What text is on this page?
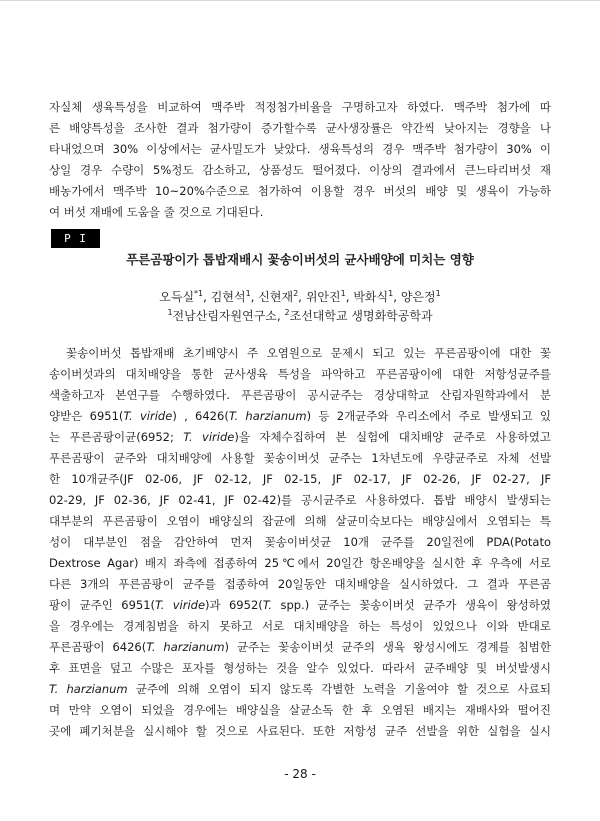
자실체 생육특성을 비교하여 맥주박 적정첨가비율을 구명하고자 하였다. 맥주박 첨가에 따
른 배양특성을 조사한 결과 첨가량이 증가할수록 균사생장률은 약간씩 낮아지는 경향을 나
타내었으며 30% 이상에서는 균사밀도가 낮았다. 생육특성의 경우 맥주박 첨가량이 30% 이
상일 경우 수량이 5%정도 감소하고, 상품성도 떨어졌다. 이상의 결과에서 큰느타리버섯 재
배농가에서 맥주박 10~20%수준으로 첨가하여 이용할 경우 버섯의 배양 및 생육이 가능하
여 버섯 재배에 도움을 줄 것으로 기대된다.
P I -05	푸른곰팡이가 톱밥재배시 꽃송이버섯의 균사배양에 미치는 영향
오득실$^{*1}$, 김현석$^1$, 신현재$^2$, 위안진$^1$, 박화식$^1$, 양은정$^1$
$^1$전남산림자원연구소, $^2$조선대학교 생명화학공학과
꽃송이버섯 톱밥재배 초기배양시 주 오염원으로 문제시 되고 있는 푸른곰팡이에 대한 꽃
송이버섯과의 대치배양을 통한 균사생육 특성을 파악하고 푸른곰팡이에 대한 저항성균주를
색출하고자 본연구를 수행하였다. 푸른곰팡이 공시균주는 경상대학교 산림자원학과에서 분
양받은 6951(T. viride) , 6426(T. harzianum) 등 2개균주와 우리소에서 주로 발생되고 있
는 푸른곰팡이균(6952; T. viride)을 자체수집하여 본 실험에 대치배양 균주로 사용하였고
푸른곰팡이 균주와 대치배양에 사용할 꽃송이버섯 균주는 1차년도에 우량균주로 자체 선발
한 10개균주(JF 02-06, JF 02-12, JF 02-15, JF 02-17, JF 02-26, JF 02-27, JF
02-29, JF 02-36, JF 02-41, JF 02-42)를 공시균주로 사용하였다. 톱밥 배양시 발생되는
대부분의 푸른곰팡이 오염이 배양실의 잡균에 의해 살균미숙보다는 배양실에서 오염되는 특
성이 대부분인 점을 감안하여 먼저 꽃송이버섯균 10개 균주를 20일전에 PDA(Potato
Dextrose Agar) 배지 좌측에 접종하여 25℃에서 20일간 항온배양을 실시한 후 우측에 서로
다른 3개의 푸른곰팡이 균주를 접종하여 20일동안 대치배양을 실시하였다. 그 결과 푸른곰
팡이 균주인 6951(T. viride)과 6952(T. spp.) 균주는 꽃송이버섯 균주가 생육이 왕성하였
을 경우에는 경계침범을 하지 못하고 서로 대치배양을 하는 특성이 있었으나 이와 반대로
푸른곰팡이 6426(T. harzianum) 균주는 꽃송이버섯 균주의 생육 왕성시에도 경계를 침범한
후 표면을 덮고 수많은 포자를 형성하는 것을 알수 있었다. 따라서 균주배양 및 버섯발생시
T. harzianum 균주에 의해 오염이 되지 않도록 각별한 노력을 기울여야 할 것으로 사료되
며 만약 오염이 되었을 경우에는 배양실을 살균소독 한 후 오염된 배지는 재배사와 떨어진
곳에 폐기처분을 실시해야 할 것으로 사료된다. 또한 저항성 균주 선발을 위한 실험을 실시
- 28 -
